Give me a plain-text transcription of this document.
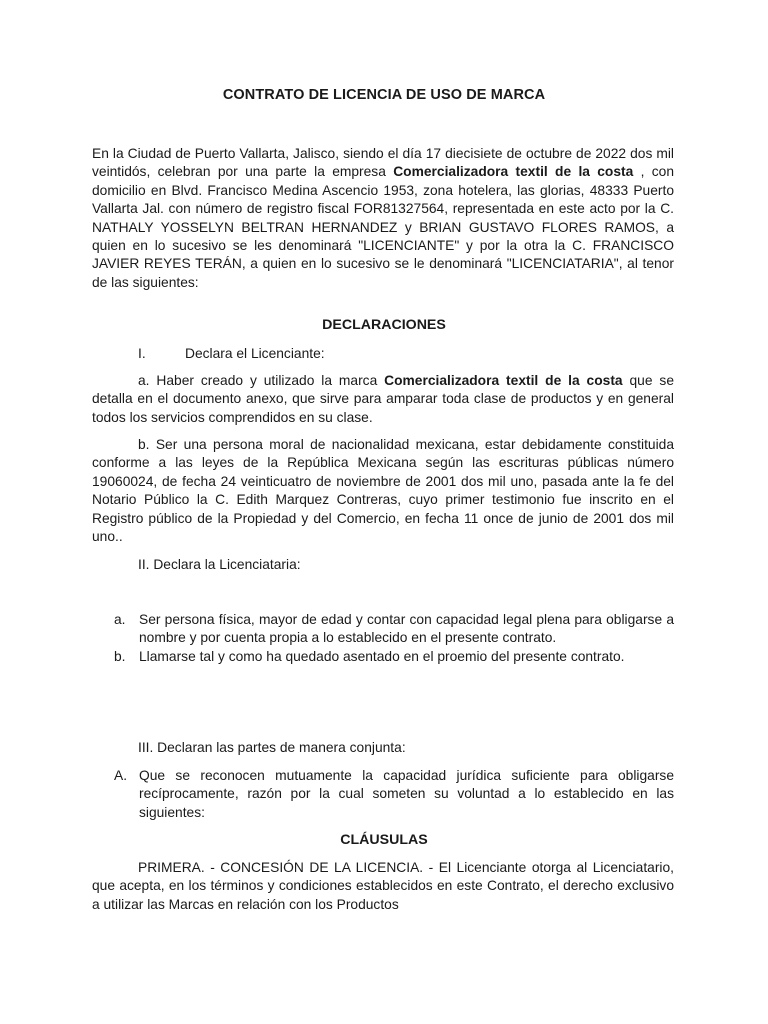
CONTRATO DE LICENCIA DE USO DE MARCA
En la Ciudad de Puerto Vallarta, Jalisco, siendo el día 17 diecisiete de octubre de 2022 dos mil veintidós, celebran por una parte la empresa Comercializadora textil de la costa , con domicilio en Blvd. Francisco Medina Ascencio 1953, zona hotelera, las glorias, 48333 Puerto Vallarta Jal. con número de registro fiscal FOR81327564, representada en este acto por la C. NATHALY YOSSELYN BELTRAN HERNANDEZ y BRIAN GUSTAVO FLORES RAMOS, a quien en lo sucesivo se les denominará "LICENCIANTE" y por la otra la C. FRANCISCO JAVIER REYES TERÁN, a quien en lo sucesivo se le denominará "LICENCIATARIA", al tenor de las siguientes:
DECLARACIONES
I.	Declara el Licenciante:
a. Haber creado y utilizado la marca Comercializadora textil de la costa que se detalla en el documento anexo, que sirve para amparar toda clase de productos y en general todos los servicios comprendidos en su clase.
b. Ser una persona moral de nacionalidad mexicana, estar debidamente constituida conforme a las leyes de la República Mexicana según las escrituras públicas número 19060024, de fecha 24 veinticuatro de noviembre de 2001 dos mil uno, pasada ante la fe del Notario Público la C. Edith Marquez Contreras, cuyo primer testimonio fue inscrito en el Registro público de la Propiedad y del Comercio, en fecha 11 once de junio de 2001 dos mil uno..
II. Declara la Licenciataria:
a. Ser persona física, mayor de edad y contar con capacidad legal plena para obligarse a nombre y por cuenta propia a lo establecido en el presente contrato.
b. Llamarse tal y como ha quedado asentado en el proemio del presente contrato.
III. Declaran las partes de manera conjunta:
A. Que se reconocen mutuamente la capacidad jurídica suficiente para obligarse recíprocamente, razón por la cual someten su voluntad a lo establecido en las siguientes:
CLÁUSULAS
PRIMERA. - CONCESIÓN DE LA LICENCIA. - El Licenciante otorga al Licenciatario, que acepta, en los términos y condiciones establecidos en este Contrato, el derecho exclusivo a utilizar las Marcas en relación con los Productos
